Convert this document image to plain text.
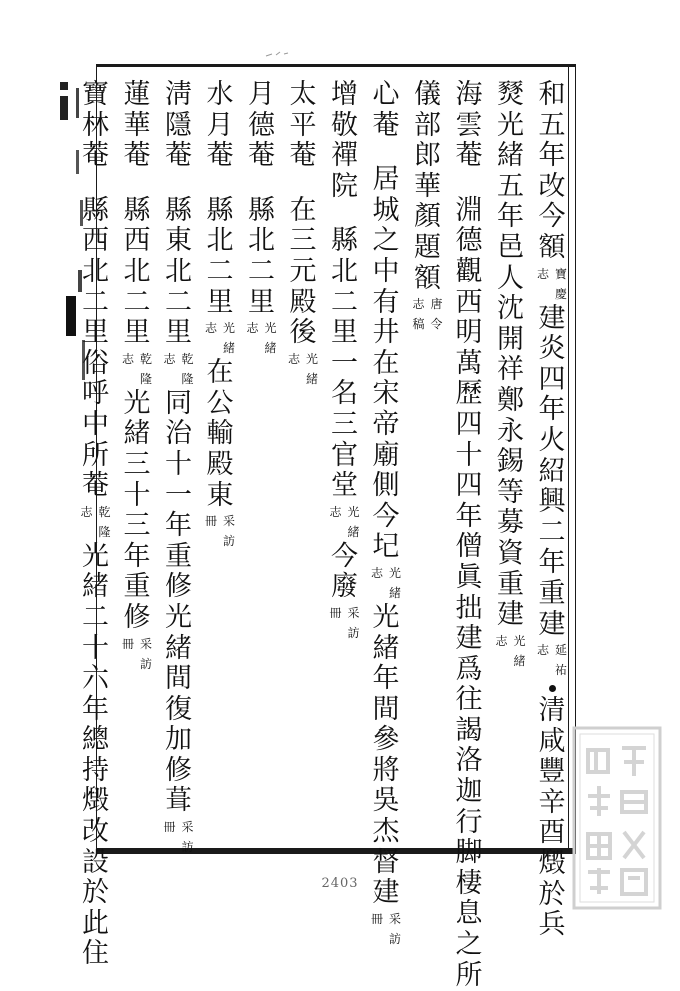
和
五
年
改
今
額
寶
志
慶
建
炎
四
年
火
紹
興
二
年
重
建
延
志
祐
清
咸
豐
辛
酉
燬
於
兵
燹
光
緒
五
年
邑
人
沈
開
祥
鄭
永
錫
等
募
資
重
建
光
志
緒
海
雲
菴
淵
德
觀
西
明
萬
歷
四
十
四
年
僧
眞
拙
建
爲
往
謁
洛
迦
行
脚
棲
息
之
所
儀
部
郎
華
顏
題
額
唐
志
令
稿
心
菴
居
城
之
中
有
井
在
宋
帝
廟
側
今
圮
光
志
緒
光
緒
年
間
參
將
吳
杰
督
建
采
冊
訪
增
敬
禪
院
縣
北
二
里
一
名
三
官
堂
光
志
緒
今
廢
采
冊
訪
太
平
菴
在
三
元
殿
後
光
志
緒
月
德
菴
縣
北
二
里
光
志
緒
水
月
菴
縣
北
二
里
光
志
緒
在
公
輸
殿
東
采
冊
訪
淸
隱
菴
縣
東
北
二
里
乾
志
隆
同
治
十
一
年
重
修
光
緒
間
復
加
修
葺
采
冊
訪
蓮
華
菴
縣
西
北
二
里
乾
志
隆
光
緒
三
十
三
年
重
修
采
冊
訪
寶
林
菴
縣
西
北
二
里
俗
呼
中
所
菴
乾
志
隆
光
緒
二
十
六
年
總
持
燬
改
設
於
此
住
2403
